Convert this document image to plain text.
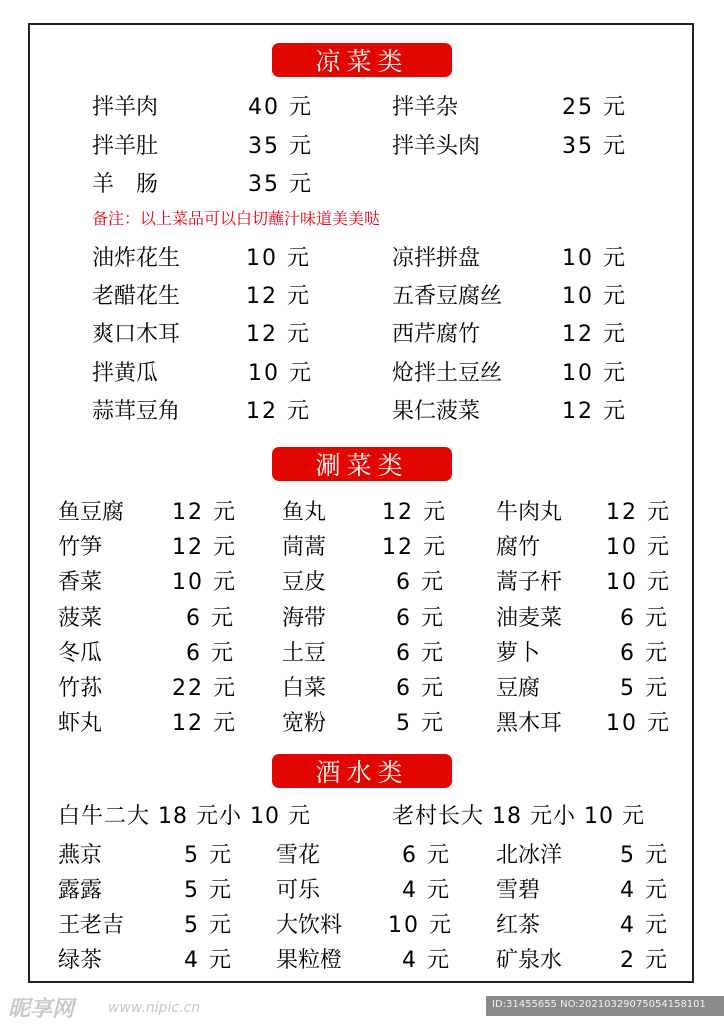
凉菜类
拌羊肉	40 元	拌羊杂	25 元
拌羊肚	35 元	拌羊头肉	35 元
羊　肠	35 元
备注：以上菜品可以白切蘸汁味道美美哒
油炸花生	10 元	凉拌拼盘	10 元
老醋花生	12 元	五香豆腐丝	10 元
爽口木耳	12 元	西芹腐竹	12 元
拌黄瓜	10 元	炝拌土豆丝	10 元
蒜茸豆角	12 元	果仁菠菜	12 元
涮菜类
鱼豆腐 12 元 鱼丸	12 元 牛肉丸 12 元
竹笋	12 元 茼蒿	12 元 腐竹	10 元
香菜	10 元 豆皮	6 元 蒿子杆 10 元
菠菜	6 元 海带	6 元 油麦菜	6 元
冬瓜	6 元 土豆	6 元 萝卜	6 元
竹荪	22 元 白菜	6 元 豆腐	5 元
虾丸	12 元 宽粉	5 元 黑木耳 10 元
酒水类
白牛二大 18 元小 10 元	老村长大 18 元小 10 元
燕京	5 元 雪花	6 元 北冰洋	5 元
露露	5 元 可乐	4 元 雪碧	4 元
王老吉	5 元 大饮料 10 元 红茶	4 元
绿茶	4 元 果粒橙	4 元 矿泉水	2 元
昵享网 www.nipic.cn	ID:31455655 NO:20210329075054158101
